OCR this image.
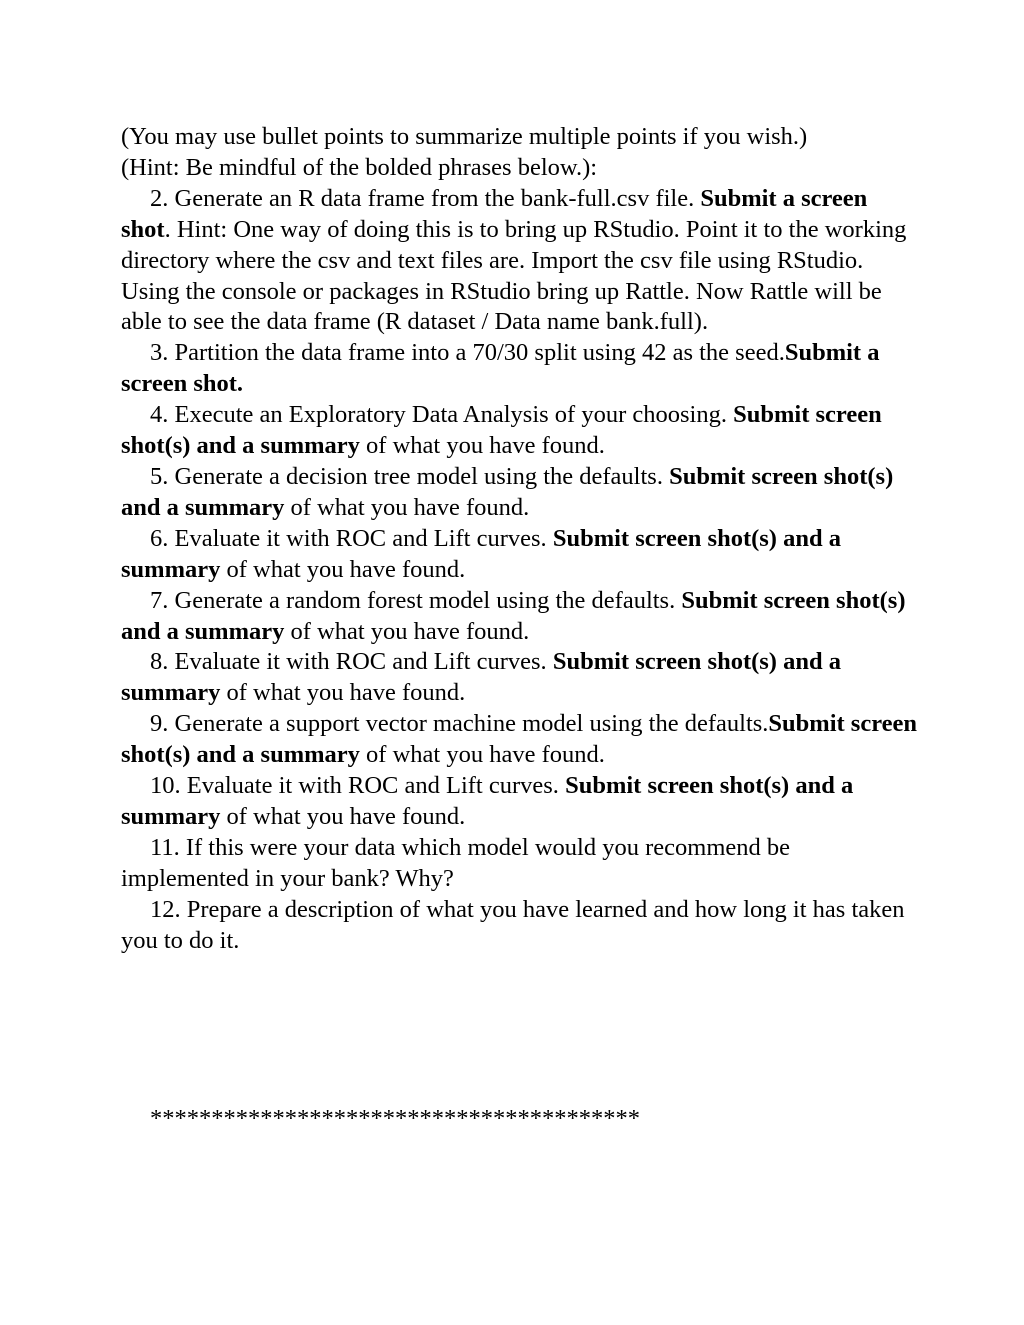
(You may use bullet points to summarize multiple points if you wish.)

(Hint: Be mindful of the bolded phrases below.):

2. Generate an R data frame from the bank-full.csv file. Submit a screen shot. Hint: One way of doing this is to bring up RStudio. Point it to the working directory where the csv and text files are. Import the csv file using RStudio. Using the console or packages in RStudio bring up Rattle. Now Rattle will be able to see the data frame (R dataset / Data name bank.full).

3. Partition the data frame into a 70/30 split using 42 as the seed.Submit a screen shot.

4. Execute an Exploratory Data Analysis of your choosing. Submit screen shot(s) and a summary of what you have found.

5. Generate a decision tree model using the defaults. Submit screen shot(s) and a summary of what you have found.

6. Evaluate it with ROC and Lift curves. Submit screen shot(s) and a summary of what you have found.

7. Generate a random forest model using the defaults. Submit screen shot(s) and a summary of what you have found.

8. Evaluate it with ROC and Lift curves. Submit screen shot(s) and a summary of what you have found.

9. Generate a support vector machine model using the defaults.Submit screen shot(s) and a summary of what you have found.

10. Evaluate it with ROC and Lift curves. Submit screen shot(s) and a summary of what you have found.

11. If this were your data which model would you recommend be implemented in your bank? Why?

12. Prepare a description of what you have learned and how long it has taken you to do it.

****************************************
